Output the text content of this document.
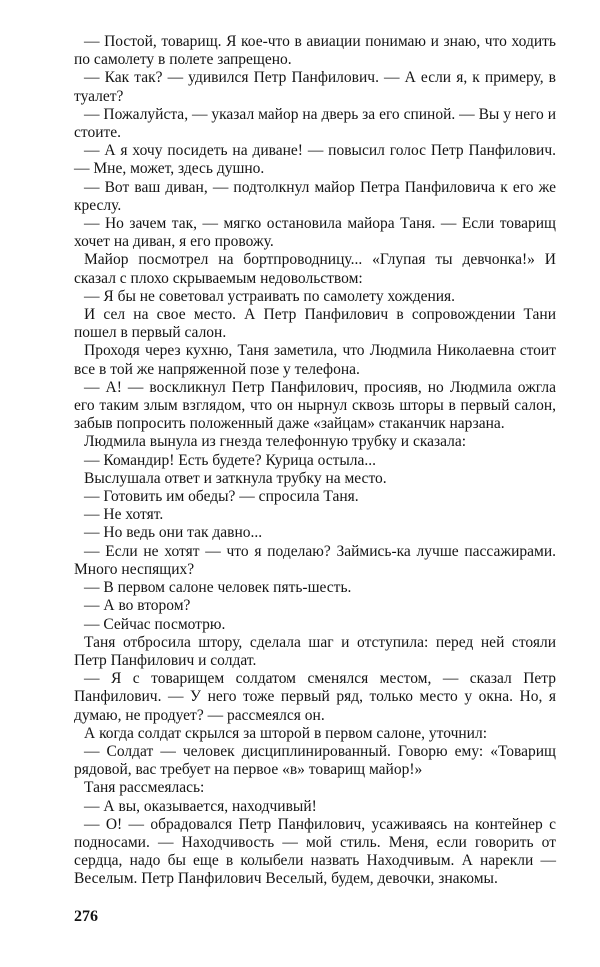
— Постой, товарищ. Я кое-что в авиации понимаю и знаю, что ходить по самолету в полете запрещено.

— Как так? — удивился Петр Панфилович. — А если я, к примеру, в туалет?

— Пожалуйста, — указал майор на дверь за его спиной. — Вы у него и стоите.

— А я хочу посидеть на диване! — повысил голос Петр Панфилович. — Мне, может, здесь душно.

— Вот ваш диван, — подтолкнул майор Петра Панфиловича к его же креслу.

— Но зачем так, — мягко остановила майора Таня. — Если товарищ хочет на диван, я его провожу.

Майор посмотрел на бортпроводницу... «Глупая ты девчонка!» И сказал с плохо скрываемым недовольством:

— Я бы не советовал устраивать по самолету хождения.

И сел на свое место. А Петр Панфилович в сопровождении Тани пошел в первый салон.

Проходя через кухню, Таня заметила, что Людмила Николаевна стоит все в той же напряженной позе у телефона.

— А! — воскликнул Петр Панфилович, просияв, но Людмила ожгла его таким злым взглядом, что он нырнул сквозь шторы в первый салон, забыв попросить положенный даже «зайцам» стаканчик нарзана.

Людмила вынула из гнезда телефонную трубку и сказала:

— Командир! Есть будете? Курица остыла...

Выслушала ответ и заткнула трубку на место.

— Готовить им обеды? — спросила Таня.

— Не хотят.

— Но ведь они так давно...

— Если не хотят — что я поделаю? Займись-ка лучше пассажирами. Много неспящих?

— В первом салоне человек пять-шесть.

— А во втором?

— Сейчас посмотрю.

Таня отбросила штору, сделала шаг и отступила: перед ней стояли Петр Панфилович и солдат.

— Я с товарищем солдатом сменялся местом, — сказал Петр Панфилович. — У него тоже первый ряд, только место у окна. Но, я думаю, не продует? — рассмеялся он.

А когда солдат скрылся за шторой в первом салоне, уточнил:

— Солдат — человек дисциплинированный. Говорю ему: «Товарищ рядовой, вас требует на первое «в» товарищ майор!»

Таня рассмеялась:

— А вы, оказывается, находчивый!

— О! — обрадовался Петр Панфилович, усаживаясь на контейнер с подносами. — Находчивость — мой стиль. Меня, если говорить от сердца, надо бы еще в колыбели назвать Находчивым. А нарекли — Веселым. Петр Панфилович Веселый, будем, девочки, знакомы.

276
